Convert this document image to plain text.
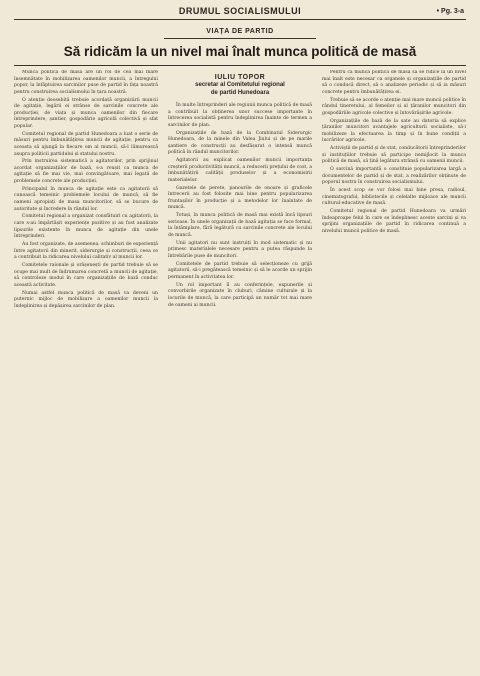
DRUMUL SOCIALISMULUI	• Pg. 3-a
VIAȚA DE PARTID
Să ridicăm la un nivel mai înalt munca politică de masă
Munca politică de masă are un rol de cea mai mare însemnătate în mobilizarea oamenilor muncii, a întregului popor, la înfăptuirea sarcinilor puse de partid în fața noastră pentru construirea socialismului în țara noastră.
O atenție deosebită trebuie acordată organizării muncii de agitație, legării ei strânse de sarcinile concrete ale producției, de viața și munca oamenilor din fiecare întreprindere, șantier, gospodărie agricolă colectivă și sfat popular.
Comitetul regional de partid Hunedoara a luat o serie de măsuri pentru îmbunătățirea muncii de agitație, pentru ca aceasta să ajungă la fiecare om al muncii, să-l lămurească asupra politicii partidului și statului nostru.
Prin instruirea sistematică a agitatorilor, prin sprijinul acordat organizațiilor de bază, s-a reușit ca munca de agitație să fie mai vie, mai convingătoare, mai legată de problemele concrete ale producției.
Principalul în munca de agitație este ca agitatorii să cunoască temeinic problemele locului de muncă, să fie oameni apropiați de masa muncitorilor, să se bucure de autoritate și încredere în rândul lor.
Comitetul regional a organizat consfătuiri cu agitatorii, la care s-au împărtășit experiențe pozitive și au fost analizate lipsurile existente în munca de agitație din unele întreprinderi.
Au fost organizate, de asemenea, schimburi de experiență între agitatorii din minerit, siderurgie și construcții, ceea ce a contribuit la ridicarea nivelului calitativ al muncii lor.
Comitetele raionale și orășenești de partid trebuie să se ocupe mai mult de îndrumarea concretă a muncii de agitație, să controleze modul în care organizațiile de bază conduc această activitate.
Numai astfel munca politică de masă va deveni un puternic mijloc de mobilizare a oamenilor muncii la îndeplinirea și depășirea sarcinilor de plan.
IULIU TOPOR
secretar al Comitetului regional
de partid Hunedoara
În multe întreprinderi ale regiunii munca politică de masă a contribuit la obținerea unor succese importante în întrecerea socialistă pentru îndeplinirea înainte de termen a sarcinilor de plan.
Organizațiile de bază de la Combinatul Siderurgic Hunedoara, de la minele din Valea Jiului și de pe marile șantiere de construcții au desfășurat o intensă muncă politică în rândul muncitorilor.
Agitatorii au explicat oamenilor muncii importanța creșterii productivității muncii, a reducerii prețului de cost, a îmbunătățirii calității produselor și a economisirii materialelor.
Gazetele de perete, panourile de onoare și graficele întrecerii au fost folosite mai bine pentru popularizarea fruntașilor în producție și a metodelor lor înaintate de muncă.
Totuși, în munca politică de masă mai există încă lipsuri serioase. În unele organizații de bază agitația se face formal, la întâmplare, fără legătură cu sarcinile concrete ale locului de muncă.
Unii agitatori nu sunt instruiți în mod sistematic și nu primesc materialele necesare pentru a putea răspunde la întrebările puse de muncitori.
Comitetele de partid trebuie să selecționeze cu grijă agitatorii, să-i pregătească temeinic și să le acorde un sprijin permanent în activitatea lor.
Un rol important îl au conferințele, expunerile și convorbirile organizate în cluburi, cămine culturale și la locurile de muncă, la care participă un număr tot mai mare de oameni ai muncii.
Pentru ca munca politică de masă să se ridice la un nivel mai înalt este necesar ca organele și organizațiile de partid să o conducă direct, să o analizeze periodic și să ia măsuri concrete pentru îmbunătățirea ei.
Trebuie să se acorde o atenție mai mare muncii politice în rândul tineretului, al femeilor și al țăranilor muncitori din gospodăriile agricole colective și întovărășirile agricole.
Organizațiile de bază de la sate au datoria să explice țăranilor muncitori avantajele agriculturii socialiste, să-i mobilizeze la efectuarea la timp și în bune condiții a lucrărilor agricole.
Activiștii de partid și de stat, conducătorii întreprinderilor și instituțiilor trebuie să participe nemijlocit la munca politică de masă, să țină legătura strânsă cu oamenii muncii.
O sarcină importantă o constituie popularizarea largă a documentelor de partid și de stat, a realizărilor obținute de poporul nostru în construirea socialismului.
În acest scop se vor folosi mai bine presa, radioul, cinematograful, bibliotecile și celelalte mijloace ale muncii cultural-educative de masă.
Comitetul regional de partid Hunedoara va urmări îndeaproape felul în care se îndeplinesc aceste sarcini și va sprijini organizațiile de partid în ridicarea continuă a nivelului muncii politice de masă.
